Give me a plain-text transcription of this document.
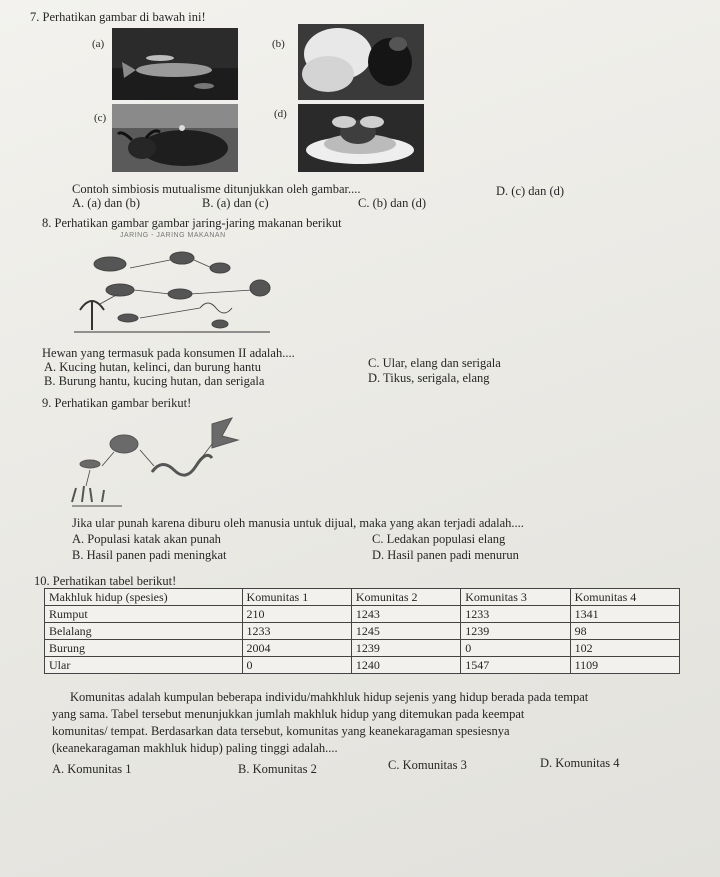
7. Perhatikan gambar di bawah ini!
(a)	(b)
(c)	(d)
Contoh simbiosis mutualisme ditunjukkan oleh gambar....
A. (a) dan (b)	B. (a) dan (c)	C. (b) dan (d)
D. (c) dan (d)
8. Perhatikan gambar gambar jaring-jaring makanan berikut
JARING - JARING MAKANAN
Hewan yang termasuk pada konsumen II adalah....
A. Kucing hutan, kelinci, dan burung hantu
B. Burung hantu, kucing hutan, dan serigala
C. Ular, elang dan serigala
D. Tikus, serigala, elang
9. Perhatikan gambar berikut!
Jika ular punah karena diburu oleh manusia untuk dijual, maka yang akan terjadi adalah....
A. Populasi katak akan punah
B. Hasil panen padi meningkat
C. Ledakan populasi elang
D. Hasil panen padi menurun
10. Perhatikan tabel berikut!
Makhluk hidup (spesies)	Komunitas 1	Komunitas 2	Komunitas 3	Komunitas 4
Rumput	210	1243	1233	1341
Belalang	1233	1245	1239	98
Burung	2004	1239	0	102
Ular	0	1240	1547	1109
Komunitas adalah kumpulan beberapa individu/mahkhluk hidup sejenis yang hidup berada pada tempat
yang sama. Tabel tersebut menunjukkan jumlah makhluk hidup yang ditemukan pada keempat
komunitas/ tempat. Berdasarkan data tersebut, komunitas yang keanekaragaman spesiesnya
(keanekaragaman makhluk hidup) paling tinggi adalah....
A. Komunitas 1	B. Komunitas 2	C. Komunitas 3	D. Komunitas 4
